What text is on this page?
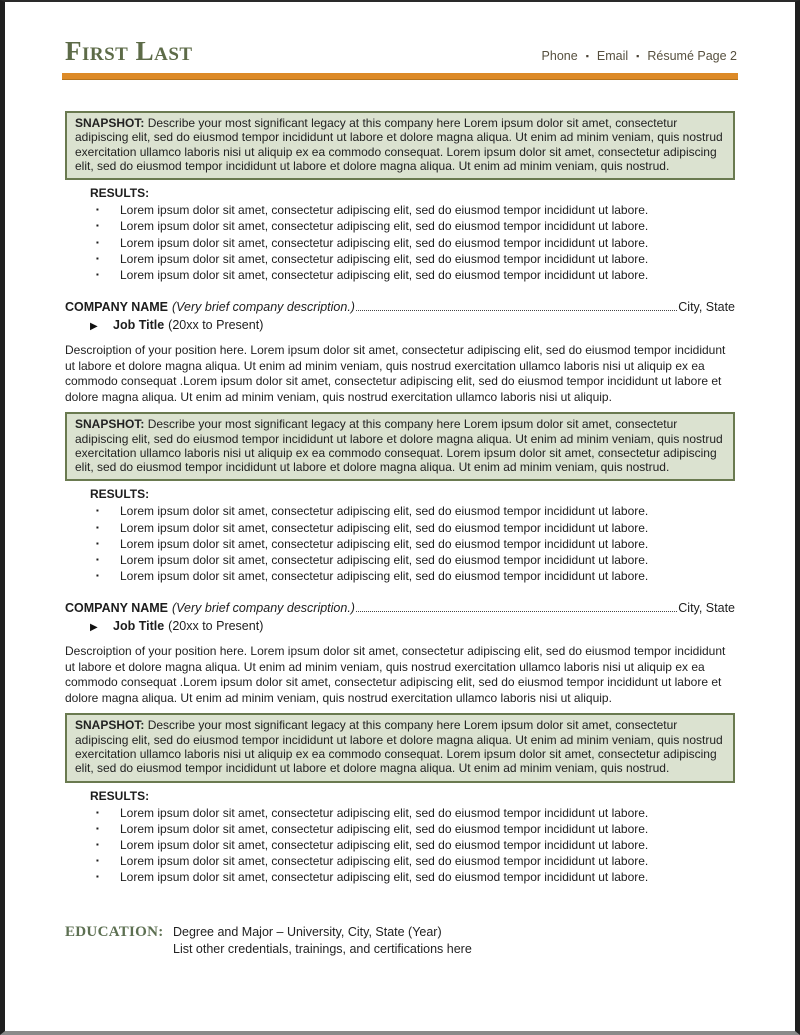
First Last	Phone ▪ Email ▪ Résumé Page 2
SNAPSHOT: Describe your most significant legacy at this company here Lorem ipsum dolor sit amet, consectetur adipiscing elit, sed do eiusmod tempor incididunt ut labore et dolore magna aliqua. Ut enim ad minim veniam, quis nostrud exercitation ullamco laboris nisi ut aliquip ex ea commodo consequat. Lorem ipsum dolor sit amet, consectetur adipiscing elit, sed do eiusmod tempor incididunt ut labore et dolore magna aliqua. Ut enim ad minim veniam, quis nostrud.
RESULTS:
▪	Lorem ipsum dolor sit amet, consectetur adipiscing elit, sed do eiusmod tempor incididunt ut labore.
▪	Lorem ipsum dolor sit amet, consectetur adipiscing elit, sed do eiusmod tempor incididunt ut labore.
▪	Lorem ipsum dolor sit amet, consectetur adipiscing elit, sed do eiusmod tempor incididunt ut labore.
▪	Lorem ipsum dolor sit amet, consectetur adipiscing elit, sed do eiusmod tempor incididunt ut labore.
▪	Lorem ipsum dolor sit amet, consectetur adipiscing elit, sed do eiusmod tempor incididunt ut labore.
COMPANY NAME (Very brief company description.)	City, State
▶	Job Title (20xx to Present)

Descroiption of your position here. Lorem ipsum dolor sit amet, consectetur adipiscing elit, sed do eiusmod tempor incididunt ut labore et dolore magna aliqua. Ut enim ad minim veniam, quis nostrud exercitation ullamco laboris nisi ut aliquip ex ea commodo consequat .Lorem ipsum dolor sit amet, consectetur adipiscing elit, sed do eiusmod tempor incididunt ut labore et dolore magna aliqua. Ut enim ad minim veniam, quis nostrud exercitation ullamco laboris nisi ut aliquip.

SNAPSHOT: Describe your most significant legacy at this company here Lorem ipsum dolor sit amet, consectetur adipiscing elit, sed do eiusmod tempor incididunt ut labore et dolore magna aliqua. Ut enim ad minim veniam, quis nostrud exercitation ullamco laboris nisi ut aliquip ex ea commodo consequat. Lorem ipsum dolor sit amet, consectetur adipiscing elit, sed do eiusmod tempor incididunt ut labore et dolore magna aliqua. Ut enim ad minim veniam, quis nostrud.
RESULTS:
▪	Lorem ipsum dolor sit amet, consectetur adipiscing elit, sed do eiusmod tempor incididunt ut labore.
▪	Lorem ipsum dolor sit amet, consectetur adipiscing elit, sed do eiusmod tempor incididunt ut labore.
▪	Lorem ipsum dolor sit amet, consectetur adipiscing elit, sed do eiusmod tempor incididunt ut labore.
▪	Lorem ipsum dolor sit amet, consectetur adipiscing elit, sed do eiusmod tempor incididunt ut labore.
▪	Lorem ipsum dolor sit amet, consectetur adipiscing elit, sed do eiusmod tempor incididunt ut labore.
COMPANY NAME (Very brief company description.)	City, State
▶	Job Title (20xx to Present)

Descroiption of your position here. Lorem ipsum dolor sit amet, consectetur adipiscing elit, sed do eiusmod tempor incididunt ut labore et dolore magna aliqua. Ut enim ad minim veniam, quis nostrud exercitation ullamco laboris nisi ut aliquip ex ea commodo consequat .Lorem ipsum dolor sit amet, consectetur adipiscing elit, sed do eiusmod tempor incididunt ut labore et dolore magna aliqua. Ut enim ad minim veniam, quis nostrud exercitation ullamco laboris nisi ut aliquip.

SNAPSHOT: Describe your most significant legacy at this company here Lorem ipsum dolor sit amet, consectetur adipiscing elit, sed do eiusmod tempor incididunt ut labore et dolore magna aliqua. Ut enim ad minim veniam, quis nostrud exercitation ullamco laboris nisi ut aliquip ex ea commodo consequat. Lorem ipsum dolor sit amet, consectetur adipiscing elit, sed do eiusmod tempor incididunt ut labore et dolore magna aliqua. Ut enim ad minim veniam, quis nostrud.
RESULTS:
▪	Lorem ipsum dolor sit amet, consectetur adipiscing elit, sed do eiusmod tempor incididunt ut labore.
▪	Lorem ipsum dolor sit amet, consectetur adipiscing elit, sed do eiusmod tempor incididunt ut labore.
▪	Lorem ipsum dolor sit amet, consectetur adipiscing elit, sed do eiusmod tempor incididunt ut labore.
▪	Lorem ipsum dolor sit amet, consectetur adipiscing elit, sed do eiusmod tempor incididunt ut labore.
▪	Lorem ipsum dolor sit amet, consectetur adipiscing elit, sed do eiusmod tempor incididunt ut labore.
EDUCATION: Degree and Major – University, City, State (Year)
List other credentials, trainings, and certifications here
